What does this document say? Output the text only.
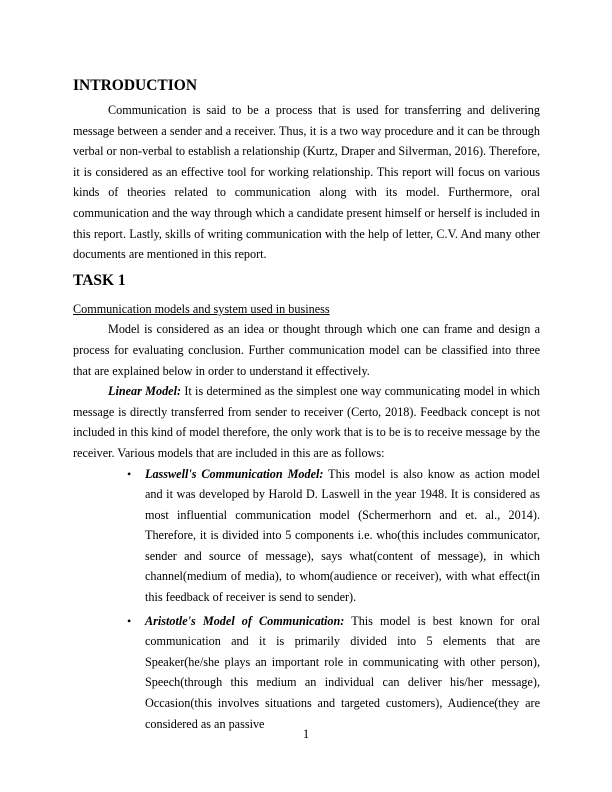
INTRODUCTION

Communication is said to be a process that is used for transferring and delivering message between a sender and a receiver. Thus, it is a two way procedure and it can be through verbal or non-verbal to establish a relationship (Kurtz, Draper and Silverman, 2016). Therefore, it is considered as an effective tool for working relationship. This report will focus on various kinds of theories related to communication along with its model. Furthermore, oral communication and the way through which a candidate present himself or herself is included in this report. Lastly, skills of writing communication with the help of letter, C.V. And many other documents are mentioned in this report.

TASK 1

Communication models and system used in business

Model is considered as an idea or thought through which one can frame and design a process for evaluating conclusion. Further communication model can be classified into three that are explained below in order to understand it effectively.

Linear Model: It is determined as the simplest one way communicating model in which message is directly transferred from sender to receiver (Certo, 2018). Feedback concept is not included in this kind of model therefore, the only work that is to be is to receive message by the receiver. Various models that are included in this are as follows:

• Lasswell's Communication Model: This model is also know as action model and it was developed by Harold D. Laswell in the year 1948. It is considered as most influential communication model (Schermerhorn and et. al., 2014). Therefore, it is divided into 5 components i.e. who(this includes communicator, sender and source of message), says what(content of message), in which channel(medium of media), to whom(audience or receiver), with what effect(in this feedback of receiver is send to sender).
• Aristotle's Model of Communication: This model is best known for oral communication and it is primarily divided into 5 elements that are Speaker(he/she plays an important role in communicating with other person), Speech(through this medium an individual can deliver his/her message), Occasion(this involves situations and targeted customers), Audience(they are considered as an passive
1
